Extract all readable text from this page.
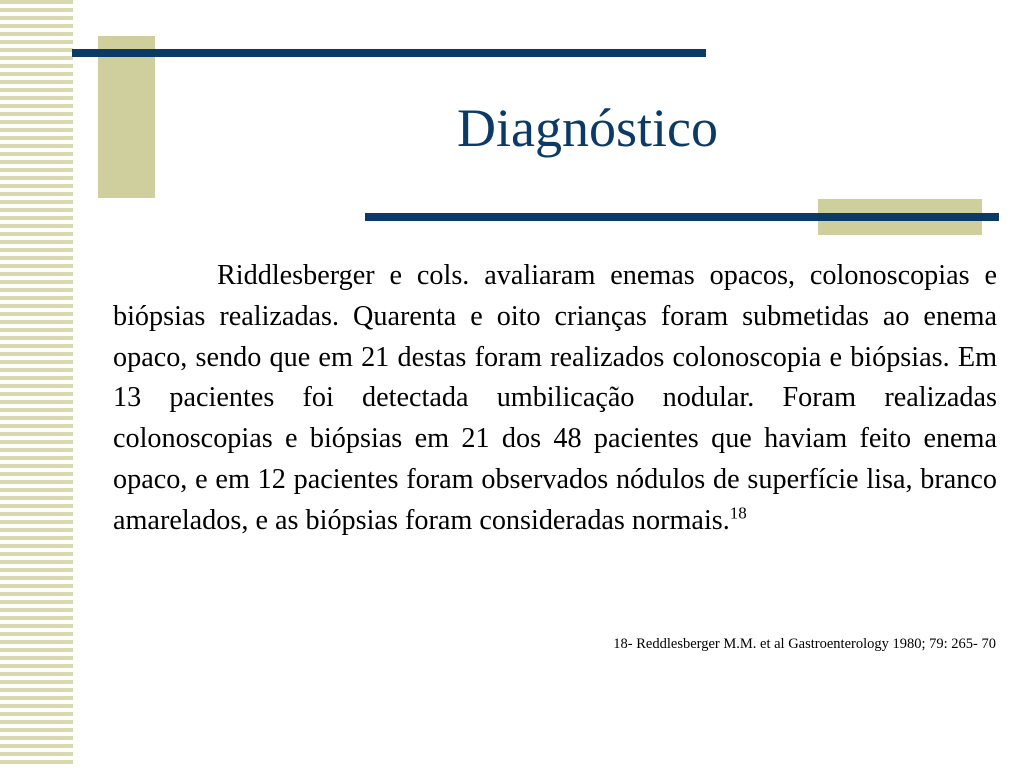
Diagnóstico

Riddlesberger e cols. avaliaram enemas opacos, colonoscopias e biópsias realizadas. Quarenta e oito crianças foram submetidas ao enema opaco, sendo que em 21 destas foram realizados colonoscopia e biópsias. Em 13 pacientes foi detectada umbilicação nodular. Foram realizadas colonoscopias e biópsias em 21 dos 48 pacientes que haviam feito enema opaco, e em 12 pacientes foram observados nódulos de superfície lisa, branco amarelados, e as biópsias foram consideradas normais.$^{18}$

18- Reddlesberger M.M. et al Gastroenterology 1980; 79: 265- 70
